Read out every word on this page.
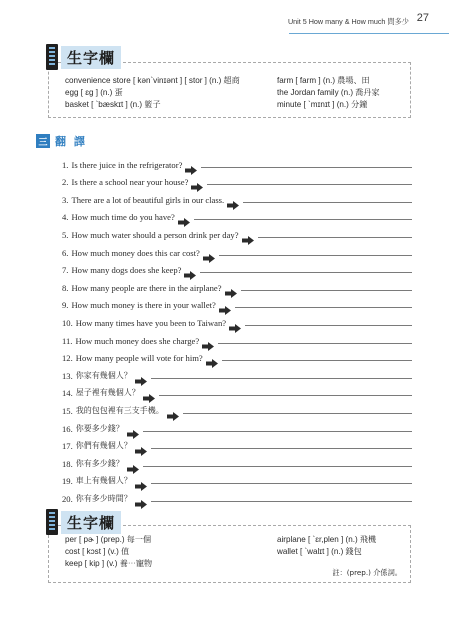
Unit 5 How many & How much 問多少 27
convenience store [ kən`vinɪənt ] [ stor ] (n.) 超商
egg [ ɛg ] (n.) 蛋
basket [ `bæskɪt ] (n.) 籃子
farm [ farm ] (n.) 農場、田
the Jordan family (n.) 喬丹家
minute [ `mɪnɪt ] (n.) 分鐘
生字欄
三 翻 譯
1. Is there juice in the refrigerator?
2. Is there a school near your house?
3. There are a lot of beautiful girls in our class.
4. How much time do you have?
5. How much water should a person drink per day?
6. How much money does this car cost?
7. How many dogs does she keep?
8. How many people are there in the airplane?
9. How much money is there in your wallet?
10. How many times have you been to Taiwan?
11. How much money does she charge?
12. How many people will vote for him?
13. 你家有幾個人？
14. 屋子裡有幾個人？
15. 我的包包裡有三支手機。
16. 你要多少錢？
17. 你們有幾個人？
18. 你有多少錢？
19. 車上有幾個人？
20. 你有多少時間？
per [ pɚ ] (prep.) 每一個
cost [ kɔst ] (v.) 值
keep [ kip ] (v.) 養⋯寵物
airplane [ `ɛr,plen ] (n.) 飛機
wallet [ `walɪt ] (n.) 錢包
註：(prep.) 介係詞。
生字欄
